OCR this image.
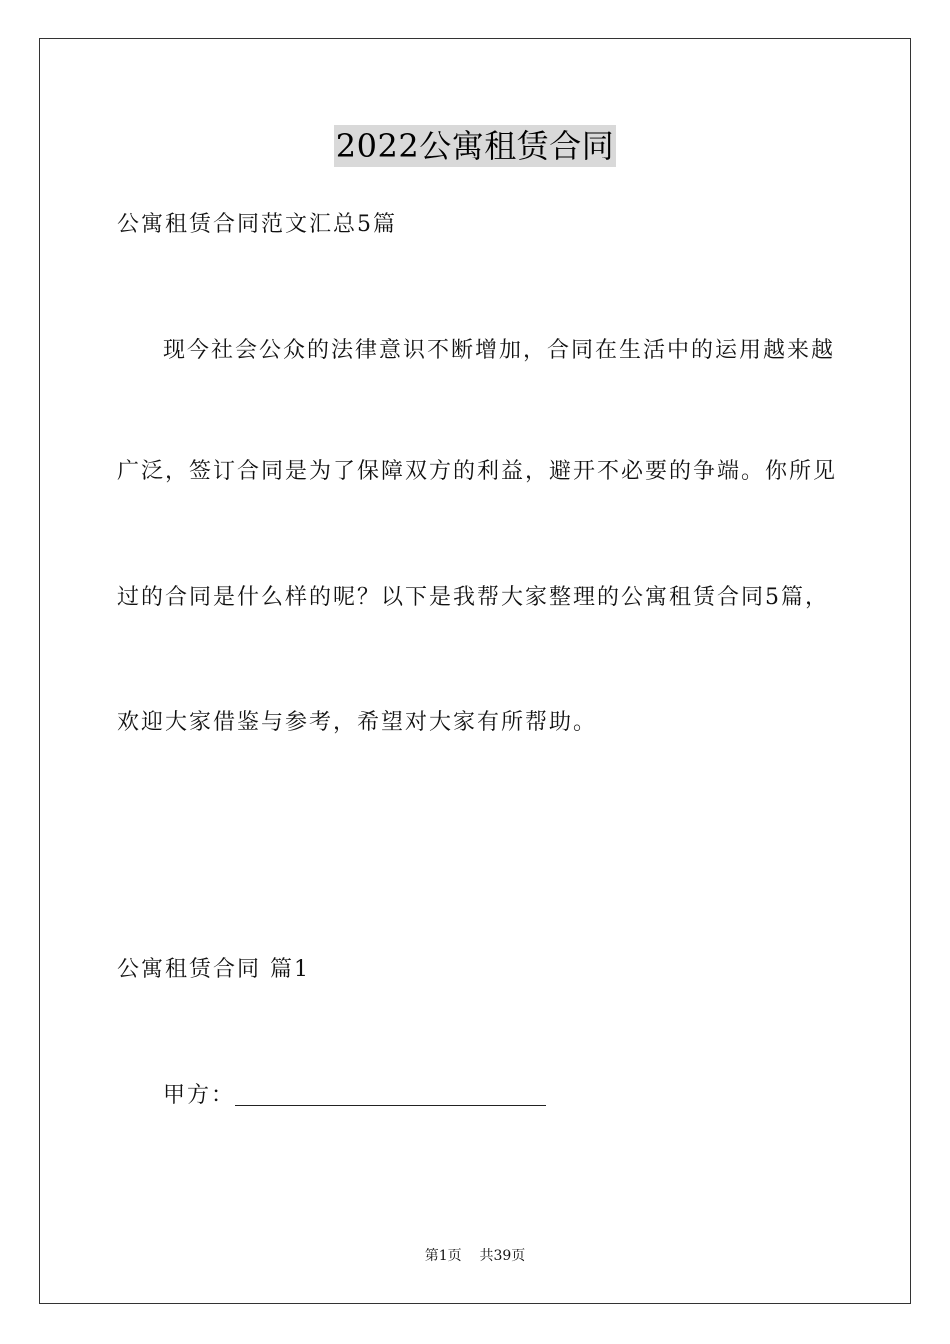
2022公寓租赁合同
公寓租赁合同范文汇总5篇
现今社会公众的法律意识不断增加，合同在生活中的运用越来越
广泛，签订合同是为了保障双方的利益，避开不必要的争端。你所见
过的合同是什么样的呢？以下是我帮大家整理的公寓租赁合同5篇，
欢迎大家借鉴与参考，希望对大家有所帮助。
公寓租赁合同 篇1
甲方：
第1页 共39页
